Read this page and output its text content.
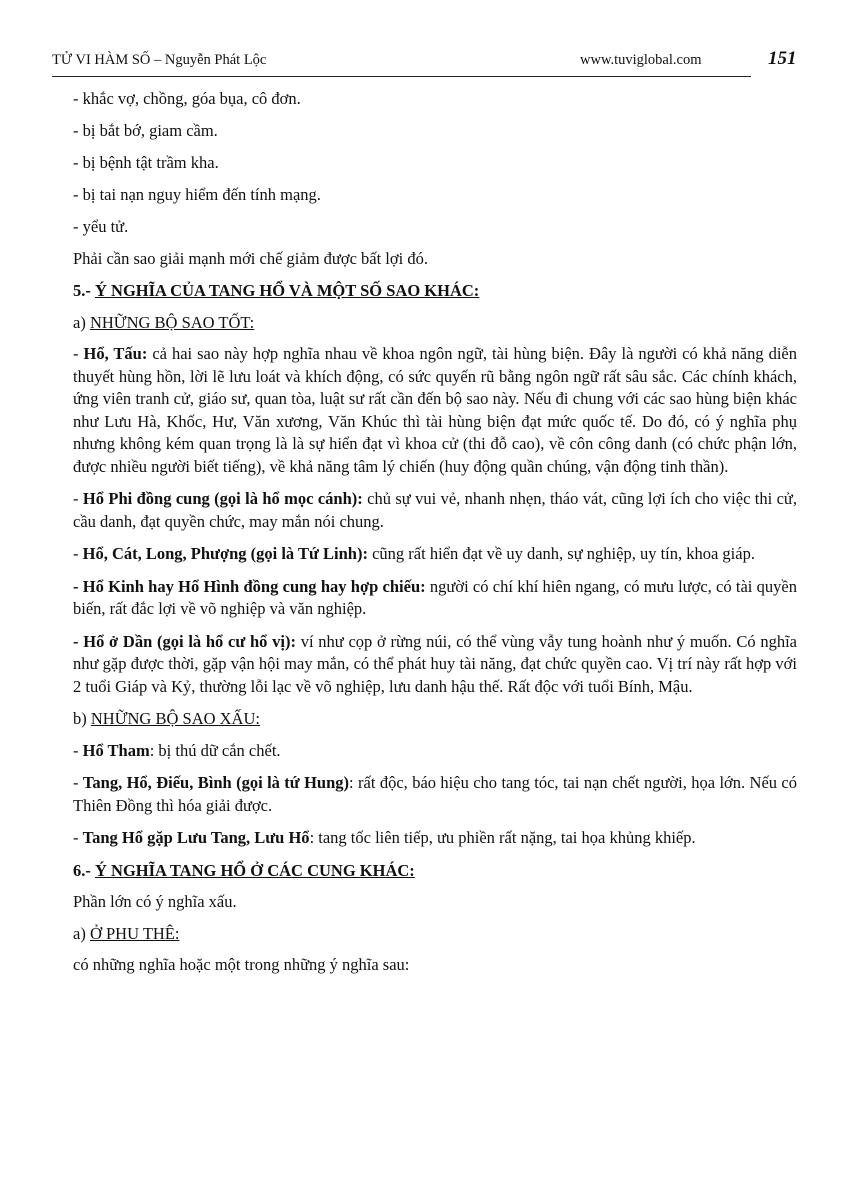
TỬ VI HÀM SỐ – Nguyễn Phát Lộc	www.tuviglobal.com	151

- khắc vợ, chồng, góa bụa, cô đơn.

- bị bắt bớ, giam cầm.

- bị bệnh tật trầm kha.

- bị tai nạn nguy hiểm đến tính mạng.

- yểu tử.

Phải cần sao giải mạnh mới chế giảm được bất lợi đó.

5.- Ý NGHĨA CỦA TANG HỔ VÀ MỘT SỐ SAO KHÁC:

a) NHỮNG BỘ SAO TỐT:

- Hổ, Tấu: cả hai sao này hợp nghĩa nhau về khoa ngôn ngữ, tài hùng biện. Đây là người có khả năng diễn thuyết hùng hồn, lời lẽ lưu loát và khích động, có sức quyến rũ bằng ngôn ngữ rất sâu sắc. Các chính khách, ứng viên tranh cử, giáo sư, quan tòa, luật sư rất cần đến bộ sao này. Nếu đi chung với các sao hùng biện khác như Lưu Hà, Khốc, Hư, Văn xương, Văn Khúc thì tài hùng biện đạt mức quốc tế. Do đó, có ý nghĩa phụ nhưng không kém quan trọng là là sự hiển đạt vì khoa cử (thi đỗ cao), về côn công danh (có chức phận lớn, được nhiều người biết tiếng), về khả năng tâm lý chiến (huy động quần chúng, vận động tinh thần).

- Hổ Phi đồng cung (gọi là hổ mọc cánh): chủ sự vui vẻ, nhanh nhẹn, tháo vát, cũng lợi ích cho việc thi cử, cầu danh, đạt quyền chức, may mắn nói chung.

- Hổ, Cát, Long, Phượng (gọi là Tứ Linh): cũng rất hiển đạt về uy danh, sự nghiệp, uy tín, khoa giáp.

- Hổ Kinh hay Hổ Hình đồng cung hay hợp chiếu: người có chí khí hiên ngang, có mưu lược, có tài quyền biến, rất đắc lợi về võ nghiệp và văn nghiệp.

- Hổ ở Dần (gọi là hổ cư hổ vị): ví như cọp ở rừng núi, có thể vùng vẫy tung hoành như ý muốn. Có nghĩa như gặp được thời, gặp vận hội may mắn, có thể phát huy tài năng, đạt chức quyền cao. Vị trí này rất hợp với 2 tuổi Giáp và Kỷ, thường lỗi lạc về võ nghiệp, lưu danh hậu thế. Rất độc với tuổi Bính, Mậu.

b) NHỮNG BỘ SAO XẤU:

- Hổ Tham: bị thú dữ cắn chết.

- Tang, Hổ, Điếu, Bình (gọi là tứ Hung): rất độc, báo hiệu cho tang tóc, tai nạn chết người, họa lớn. Nếu có Thiên Đồng thì hóa giải được.

- Tang Hổ gặp Lưu Tang, Lưu Hổ: tang tốc liên tiếp, ưu phiền rất nặng, tai họa khủng khiếp.

6.- Ý NGHĨA TANG HỔ Ở CÁC CUNG KHÁC:

Phần lớn có ý nghĩa xấu.

a) Ở PHU THÊ:

có những nghĩa hoặc một trong những ý nghĩa sau:
